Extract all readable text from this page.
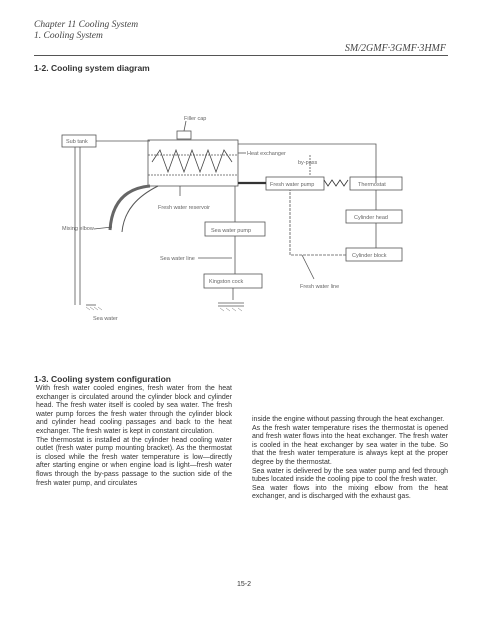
Chapter 11 Cooling System
1. Cooling System
SM/2GMF·3GMF·3HMF
1-2. Cooling system diagram
Filler cap
Sub tank
Heat exchanger
by-pass
Fresh water pump	Thermostat
Fresh water reservoir
Cylinder head
Mixing elbow	Sea water pump
Cylinder block
Sea water line
Kingston cock
Fresh water line
Sea water
1-3. Cooling system configuration

With fresh water cooled engines, fresh water from the heat exchanger is circulated around the cylinder block and cylinder head. The fresh water itself is cooled by sea water. The fresh water pump forces the fresh water through the cylinder block and cylinder head cooling passages and back to the heat exchanger. The fresh water is kept in constant circulation.

The thermostat is installed at the cylinder head cooling water outlet (fresh water pump mounting bracket). As the thermostat is closed while the fresh water temperature is low—directly after starting engine or when engine load is light—fresh water flows through the by-pass passage to the suction side of the fresh water pump, and circulates

inside the engine without passing through the heat exchanger.

As the fresh water temperature rises the thermostat is opened and fresh water flows into the heat exchanger. The fresh water is cooled in the heat exchanger by sea water in the tube. So that the fresh water temperature is always kept at the proper degree by the thermostat.

Sea water is delivered by the sea water pump and fed through tubes located inside the cooling pipe to cool the fresh water.

Sea water flows into the mixing elbow from the heat exchanger, and is discharged with the exhaust gas.

15-2
